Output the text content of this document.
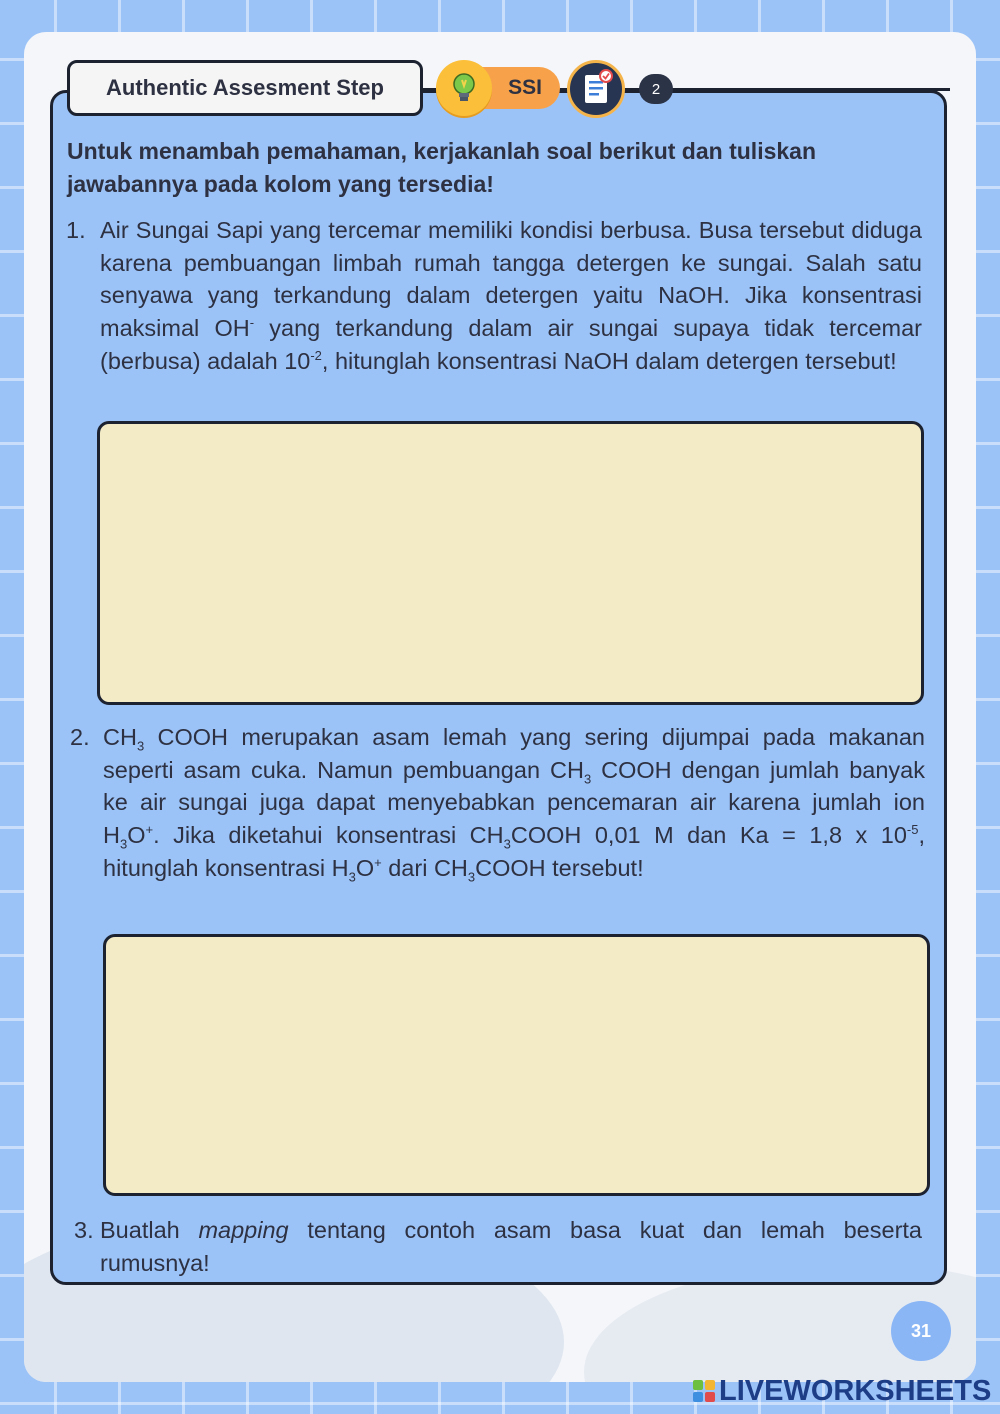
Authentic Assesment Step	SSI	2
Untuk menambah pemahaman, kerjakanlah soal berikut dan tuliskan jawabannya pada kolom yang tersedia!
1. Air Sungai Sapi yang tercemar memiliki kondisi berbusa. Busa tersebut diduga karena pembuangan limbah rumah tangga detergen ke sungai. Salah satu senyawa yang terkandung dalam detergen yaitu NaOH. Jika konsentrasi maksimal OH- yang terkandung dalam air sungai supaya tidak tercemar (berbusa) adalah $10^{-2}$, hitunglah konsentrasi NaOH dalam detergen tersebut!
2. $CH_3$ COOH merupakan asam lemah yang sering dijumpai pada makanan seperti asam cuka. Namun pembuangan $CH_3$ COOH dengan jumlah banyak ke air sungai juga dapat menyebabkan pencemaran air karena jumlah ion $H_3O^+$. Jika diketahui konsentrasi $CH_3COOH$ 0,01 M dan Ka = 1,8 x $10^{-5}$, hitunglah konsentrasi $H_3O^+$ dari $CH_3COOH$ tersebut!
3. Buatlah mapping tentang contoh asam basa kuat dan lemah beserta rumusnya!
31
LIVEWORKSHEETS
